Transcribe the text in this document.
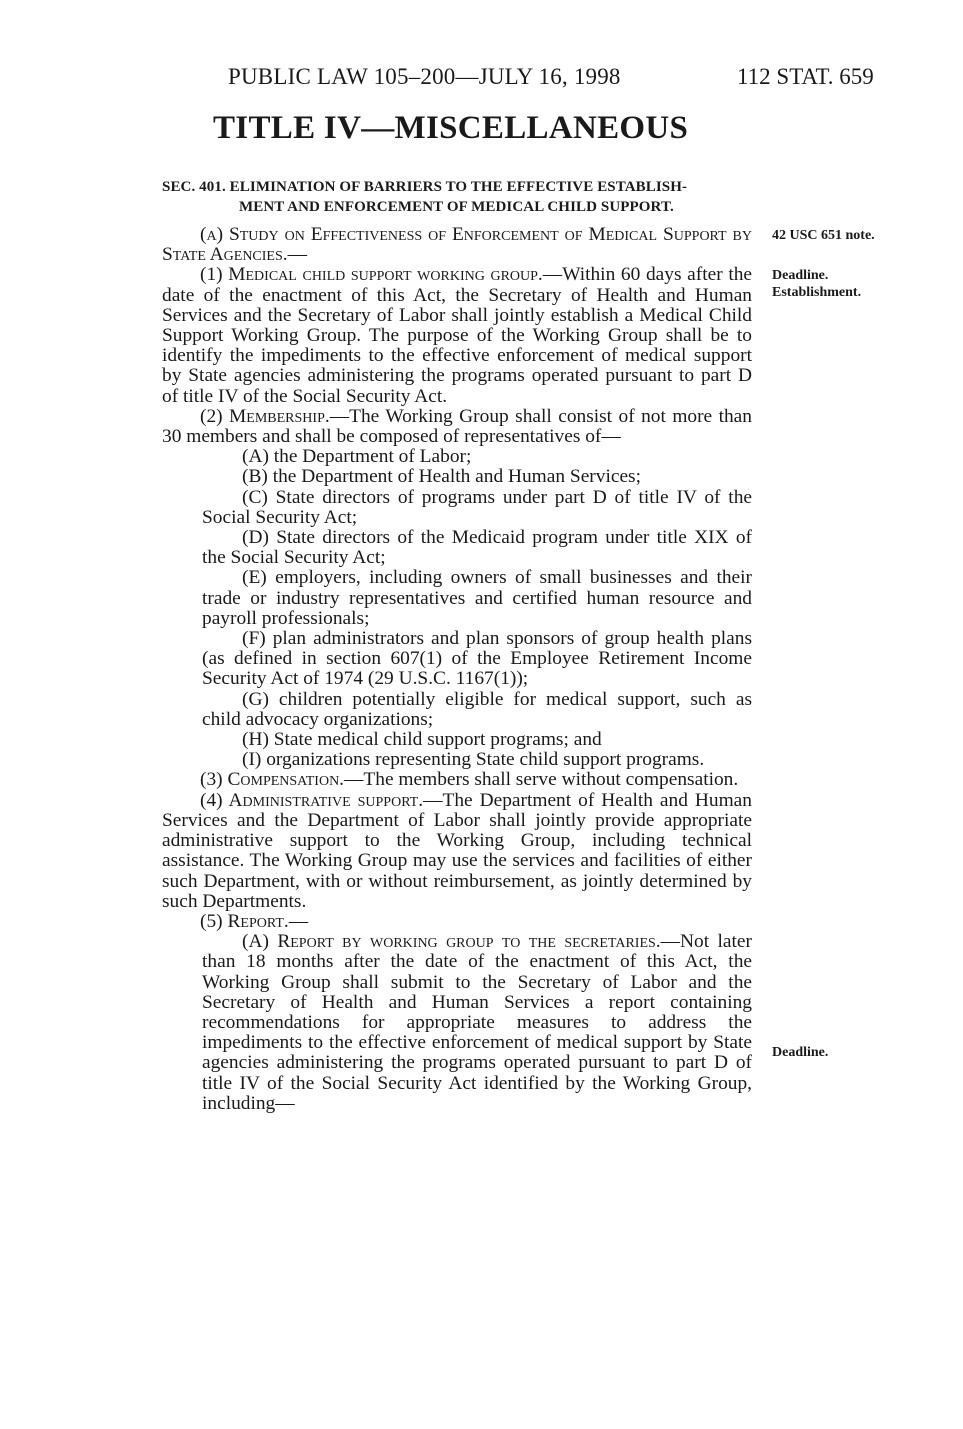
PUBLIC LAW 105–200—JULY 16, 1998	112 STAT. 659
TITLE IV—MISCELLANEOUS
SEC. 401. ELIMINATION OF BARRIERS TO THE EFFECTIVE ESTABLISH-
MENT AND ENFORCEMENT OF MEDICAL CHILD SUPPORT.
42 USC 651 note.
Deadline.
Establishment.
Deadline.

(a) Study on Effectiveness of Enforcement of Medical Support by State Agencies.—

(1) Medical child support working group.—Within 60 days after the date of the enactment of this Act, the Secretary of Health and Human Services and the Secretary of Labor shall jointly establish a Medical Child Support Working Group. The purpose of the Working Group shall be to identify the impediments to the effective enforcement of medical support by State agencies administering the programs operated pursuant to part D of title IV of the Social Security Act.

(2) Membership.—The Working Group shall consist of not more than 30 members and shall be composed of representatives of—

(A) the Department of Labor;

(B) the Department of Health and Human Services;

(C) State directors of programs under part D of title IV of the Social Security Act;

(D) State directors of the Medicaid program under title XIX of the Social Security Act;

(E) employers, including owners of small businesses and their trade or industry representatives and certified human resource and payroll professionals;

(F) plan administrators and plan sponsors of group health plans (as defined in section 607(1) of the Employee Retirement Income Security Act of 1974 (29 U.S.C. 1167(1));

(G) children potentially eligible for medical support, such as child advocacy organizations;

(H) State medical child support programs; and

(I) organizations representing State child support programs.

(3) Compensation.—The members shall serve without compensation.

(4) Administrative support.—The Department of Health and Human Services and the Department of Labor shall jointly provide appropriate administrative support to the Working Group, including technical assistance. The Working Group may use the services and facilities of either such Department, with or without reimbursement, as jointly determined by such Departments.

(5) Report.—

(A) Report by working group to the secretaries.—Not later than 18 months after the date of the enactment of this Act, the Working Group shall submit to the Secretary of Labor and the Secretary of Health and Human Services a report containing recommendations for appropriate measures to address the impediments to the effective enforcement of medical support by State agencies administering the programs operated pursuant to part D of title IV of the Social Security Act identified by the Working Group, including—
